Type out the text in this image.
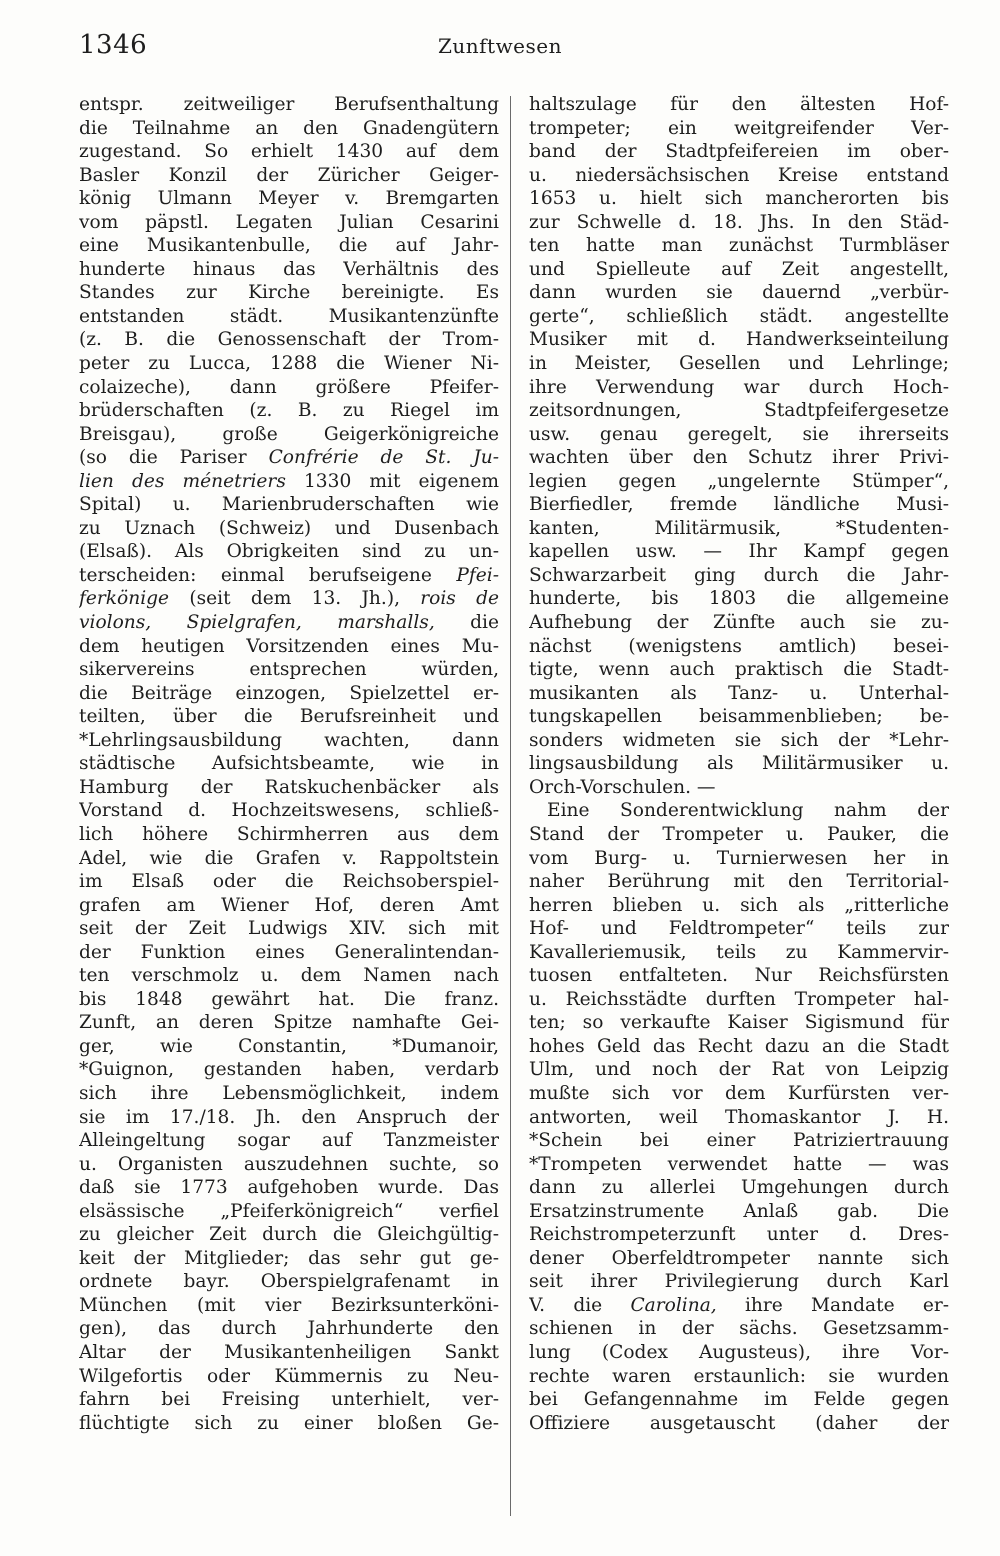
1346	Zunftwesen
entspr. zeitweiliger Berufsenthaltung
die Teilnahme an den Gnadengütern
zugestand. So erhielt 1430 auf dem
Basler Konzil der Züricher Geiger-
könig Ulmann Meyer v. Bremgarten
vom päpstl. Legaten Julian Cesarini
eine Musikantenbulle, die auf Jahr-
hunderte hinaus das Verhältnis des
Standes zur Kirche bereinigte. Es
entstanden städt. Musikantenzünfte
(z. B. die Genossenschaft der Trom-
peter zu Lucca, 1288 die Wiener Ni-
colaizeche), dann größere Pfeifer-
brüderschaften (z. B. zu Riegel im
Breisgau), große Geigerkönigreiche
(so die Pariser Confrérie de St. Ju-
lien des ménetriers 1330 mit eigenem
Spital) u. Marienbruderschaften wie
zu Uznach (Schweiz) und Dusenbach
(Elsaß). Als Obrigkeiten sind zu un-
terscheiden: einmal berufseigene Pfei-
ferkönige (seit dem 13. Jh.), rois de
violons, Spielgrafen, marshalls, die
dem heutigen Vorsitzenden eines Mu-
sikervereins entsprechen würden,
die Beiträge einzogen, Spielzettel er-
teilten, über die Berufsreinheit und
*Lehrlingsausbildung wachten, dann
städtische Aufsichtsbeamte, wie in
Hamburg der Ratskuchenbäcker als
Vorstand d. Hochzeitswesens, schließ-
lich höhere Schirmherren aus dem
Adel, wie die Grafen v. Rappoltstein
im Elsaß oder die Reichsoberspiel-
grafen am Wiener Hof, deren Amt
seit der Zeit Ludwigs XIV. sich mit
der Funktion eines Generalintendan-
ten verschmolz u. dem Namen nach
bis 1848 gewährt hat. Die franz.
Zunft, an deren Spitze namhafte Gei-
ger, wie Constantin, *Dumanoir,
*Guignon, gestanden haben, verdarb
sich ihre Lebensmöglichkeit, indem
sie im 17./18. Jh. den Anspruch der
Alleingeltung sogar auf Tanzmeister
u. Organisten auszudehnen suchte, so
daß sie 1773 aufgehoben wurde. Das
elsässische „Pfeiferkönigreich“ verfiel
zu gleicher Zeit durch die Gleichgültig-
keit der Mitglieder; das sehr gut ge-
ordnete bayr. Oberspielgrafenamt in
München (mit vier Bezirksunterköni-
gen), das durch Jahrhunderte den
Altar der Musikantenheiligen Sankt
Wilgefortis oder Kümmernis zu Neu-
fahrn bei Freising unterhielt, ver-
flüchtigte sich zu einer bloßen Ge-
haltszulage für den ältesten Hof-
trompeter; ein weitgreifender Ver-
band der Stadtpfeifereien im ober-
u. niedersächsischen Kreise entstand
1653 u. hielt sich mancherorten bis
zur Schwelle d. 18. Jhs. In den Städ-
ten hatte man zunächst Turmbläser
und Spielleute auf Zeit angestellt,
dann wurden sie dauernd „verbür-
gerte“, schließlich städt. angestellte
Musiker mit d. Handwerkseinteilung
in Meister, Gesellen und Lehrlinge;
ihre Verwendung war durch Hoch-
zeitsordnungen, Stadtpfeifergesetze
usw. genau geregelt, sie ihrerseits
wachten über den Schutz ihrer Privi-
legien gegen „ungelernte Stümper“,
Bierfiedler, fremde ländliche Musi-
kanten, Militärmusik, *Studenten-
kapellen usw. — Ihr Kampf gegen
Schwarzarbeit ging durch die Jahr-
hunderte, bis 1803 die allgemeine
Aufhebung der Zünfte auch sie zu-
nächst (wenigstens amtlich) besei-
tigte, wenn auch praktisch die Stadt-
musikanten als Tanz- u. Unterhal-
tungskapellen beisammenblieben; be-
sonders widmeten sie sich der *Lehr-
lingsausbildung als Militärmusiker u.
Orch-Vorschulen. —
Eine Sonderentwicklung nahm der
Stand der Trompeter u. Pauker, die
vom Burg- u. Turnierwesen her in
naher Berührung mit den Territorial-
herren blieben u. sich als „ritterliche
Hof- und Feldtrompeter“ teils zur
Kavalleriemusik, teils zu Kammervir-
tuosen entfalteten. Nur Reichsfürsten
u. Reichsstädte durften Trompeter hal-
ten; so verkaufte Kaiser Sigismund für
hohes Geld das Recht dazu an die Stadt
Ulm, und noch der Rat von Leipzig
mußte sich vor dem Kurfürsten ver-
antworten, weil Thomaskantor J. H.
*Schein bei einer Patriziertrauung
*Trompeten verwendet hatte — was
dann zu allerlei Umgehungen durch
Ersatzinstrumente Anlaß gab. Die
Reichstrompeterzunft unter d. Dres-
dener Oberfeldtrompeter nannte sich
seit ihrer Privilegierung durch Karl
V. die Carolina, ihre Mandate er-
schienen in der sächs. Gesetzsamm-
lung (Codex Augusteus), ihre Vor-
rechte waren erstaunlich: sie wurden
bei Gefangennahme im Felde gegen
Offiziere ausgetauscht (daher der
